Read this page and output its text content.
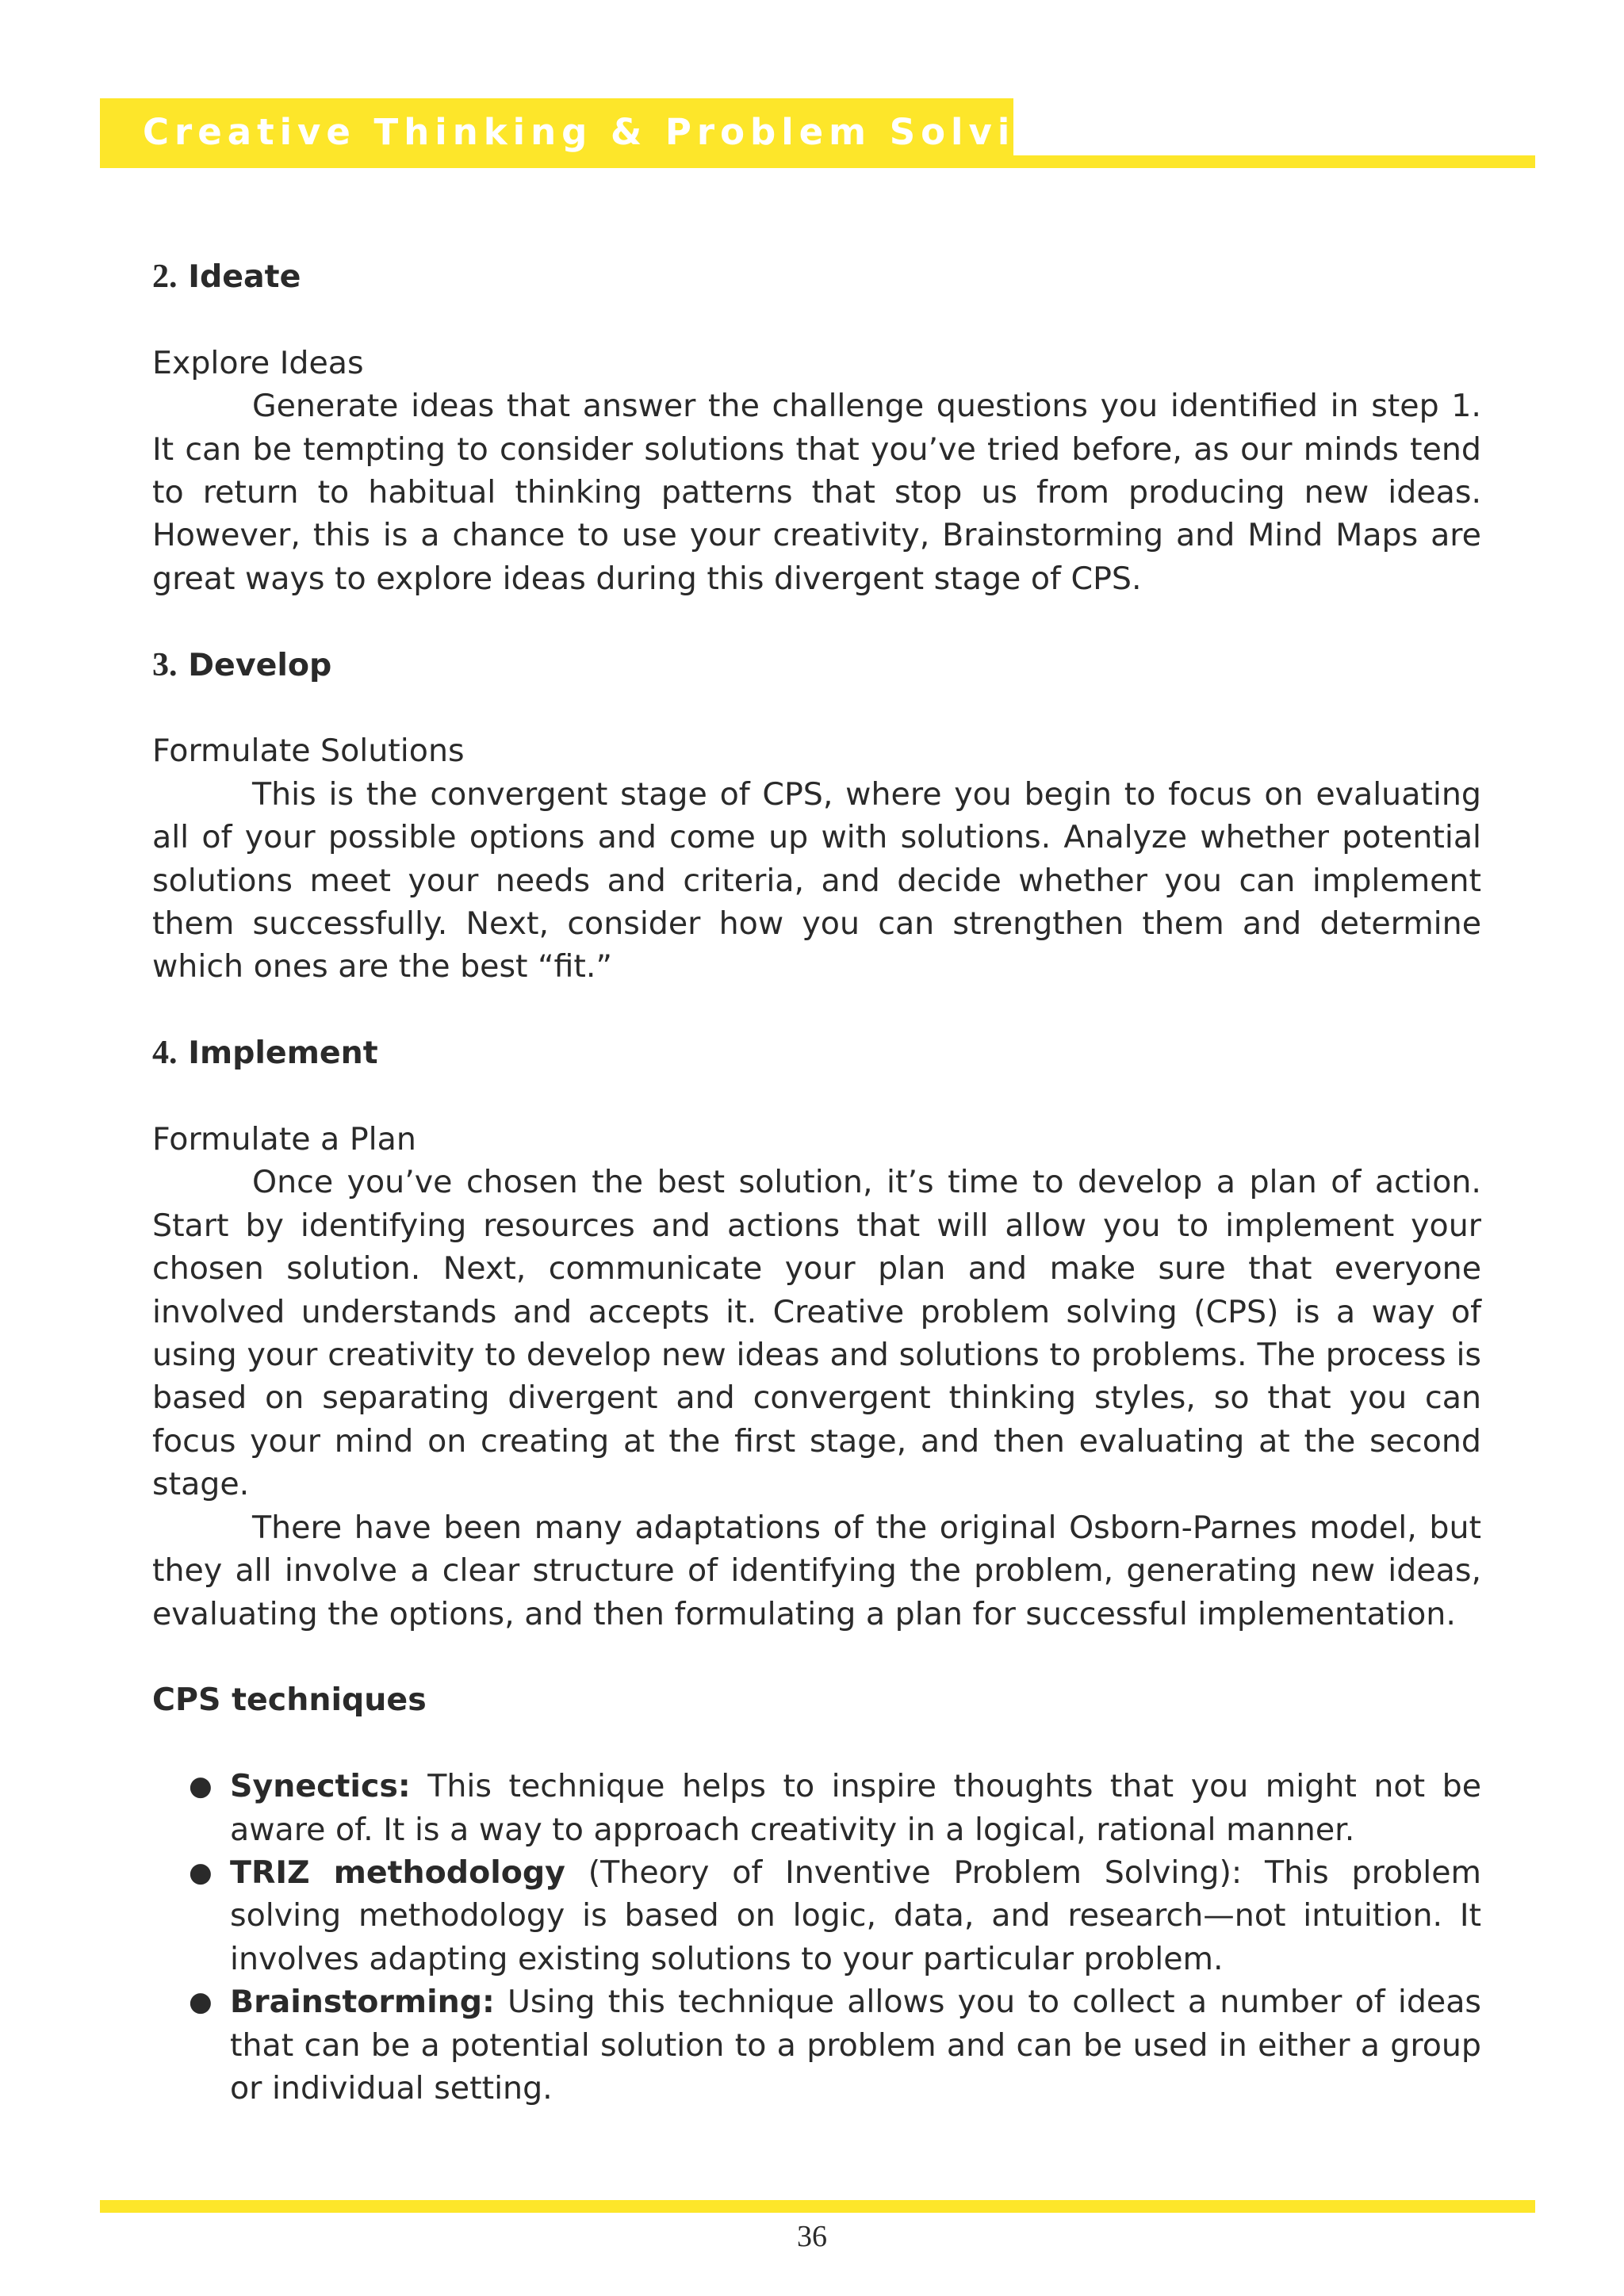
Creative Thinking & Problem Solving

2. Ideate

Explore Ideas

Generate ideas that answer the challenge questions you identified in step 1. It can be tempting to consider solutions that you’ve tried before, as our minds tend to return to habitual thinking patterns that stop us from producing new ideas. However, this is a chance to use your creativity, Brainstorming and Mind Maps are great ways to explore ideas during this divergent stage of CPS.

3. Develop

Formulate Solutions

This is the convergent stage of CPS, where you begin to focus on evaluating all of your possible options and come up with solutions. Analyze whether potential solutions meet your needs and criteria, and decide whether you can implement them successfully. Next, consider how you can strengthen them and determine which ones are the best “fit.”

4. Implement

Formulate a Plan

Once you’ve chosen the best solution, it’s time to develop a plan of action. Start by identifying resources and actions that will allow you to implement your chosen solution. Next, communicate your plan and make sure that everyone involved understands and accepts it. Creative problem solving (CPS) is a way of using your creativity to develop new ideas and solutions to problems. The process is based on separating divergent and convergent thinking styles, so that you can focus your mind on creating at the first stage, and then evaluating at the second stage.

There have been many adaptations of the original Osborn-Parnes model, but they all involve a clear structure of identifying the problem, generating new ideas, evaluating the options, and then formulating a plan for successful implementation.

CPS techniques

● Synectics: This technique helps to inspire thoughts that you might not be aware of. It is a way to approach creativity in a logical, rational manner.
● TRIZ methodology (Theory of Inventive Problem Solving): This problem solving methodology is based on logic, data, and research—not intuition. It involves adapting existing solutions to your particular problem.
● Brainstorming: Using this technique allows you to collect a number of ideas that can be a potential solution to a problem and can be used in either a group or individual setting.
36
